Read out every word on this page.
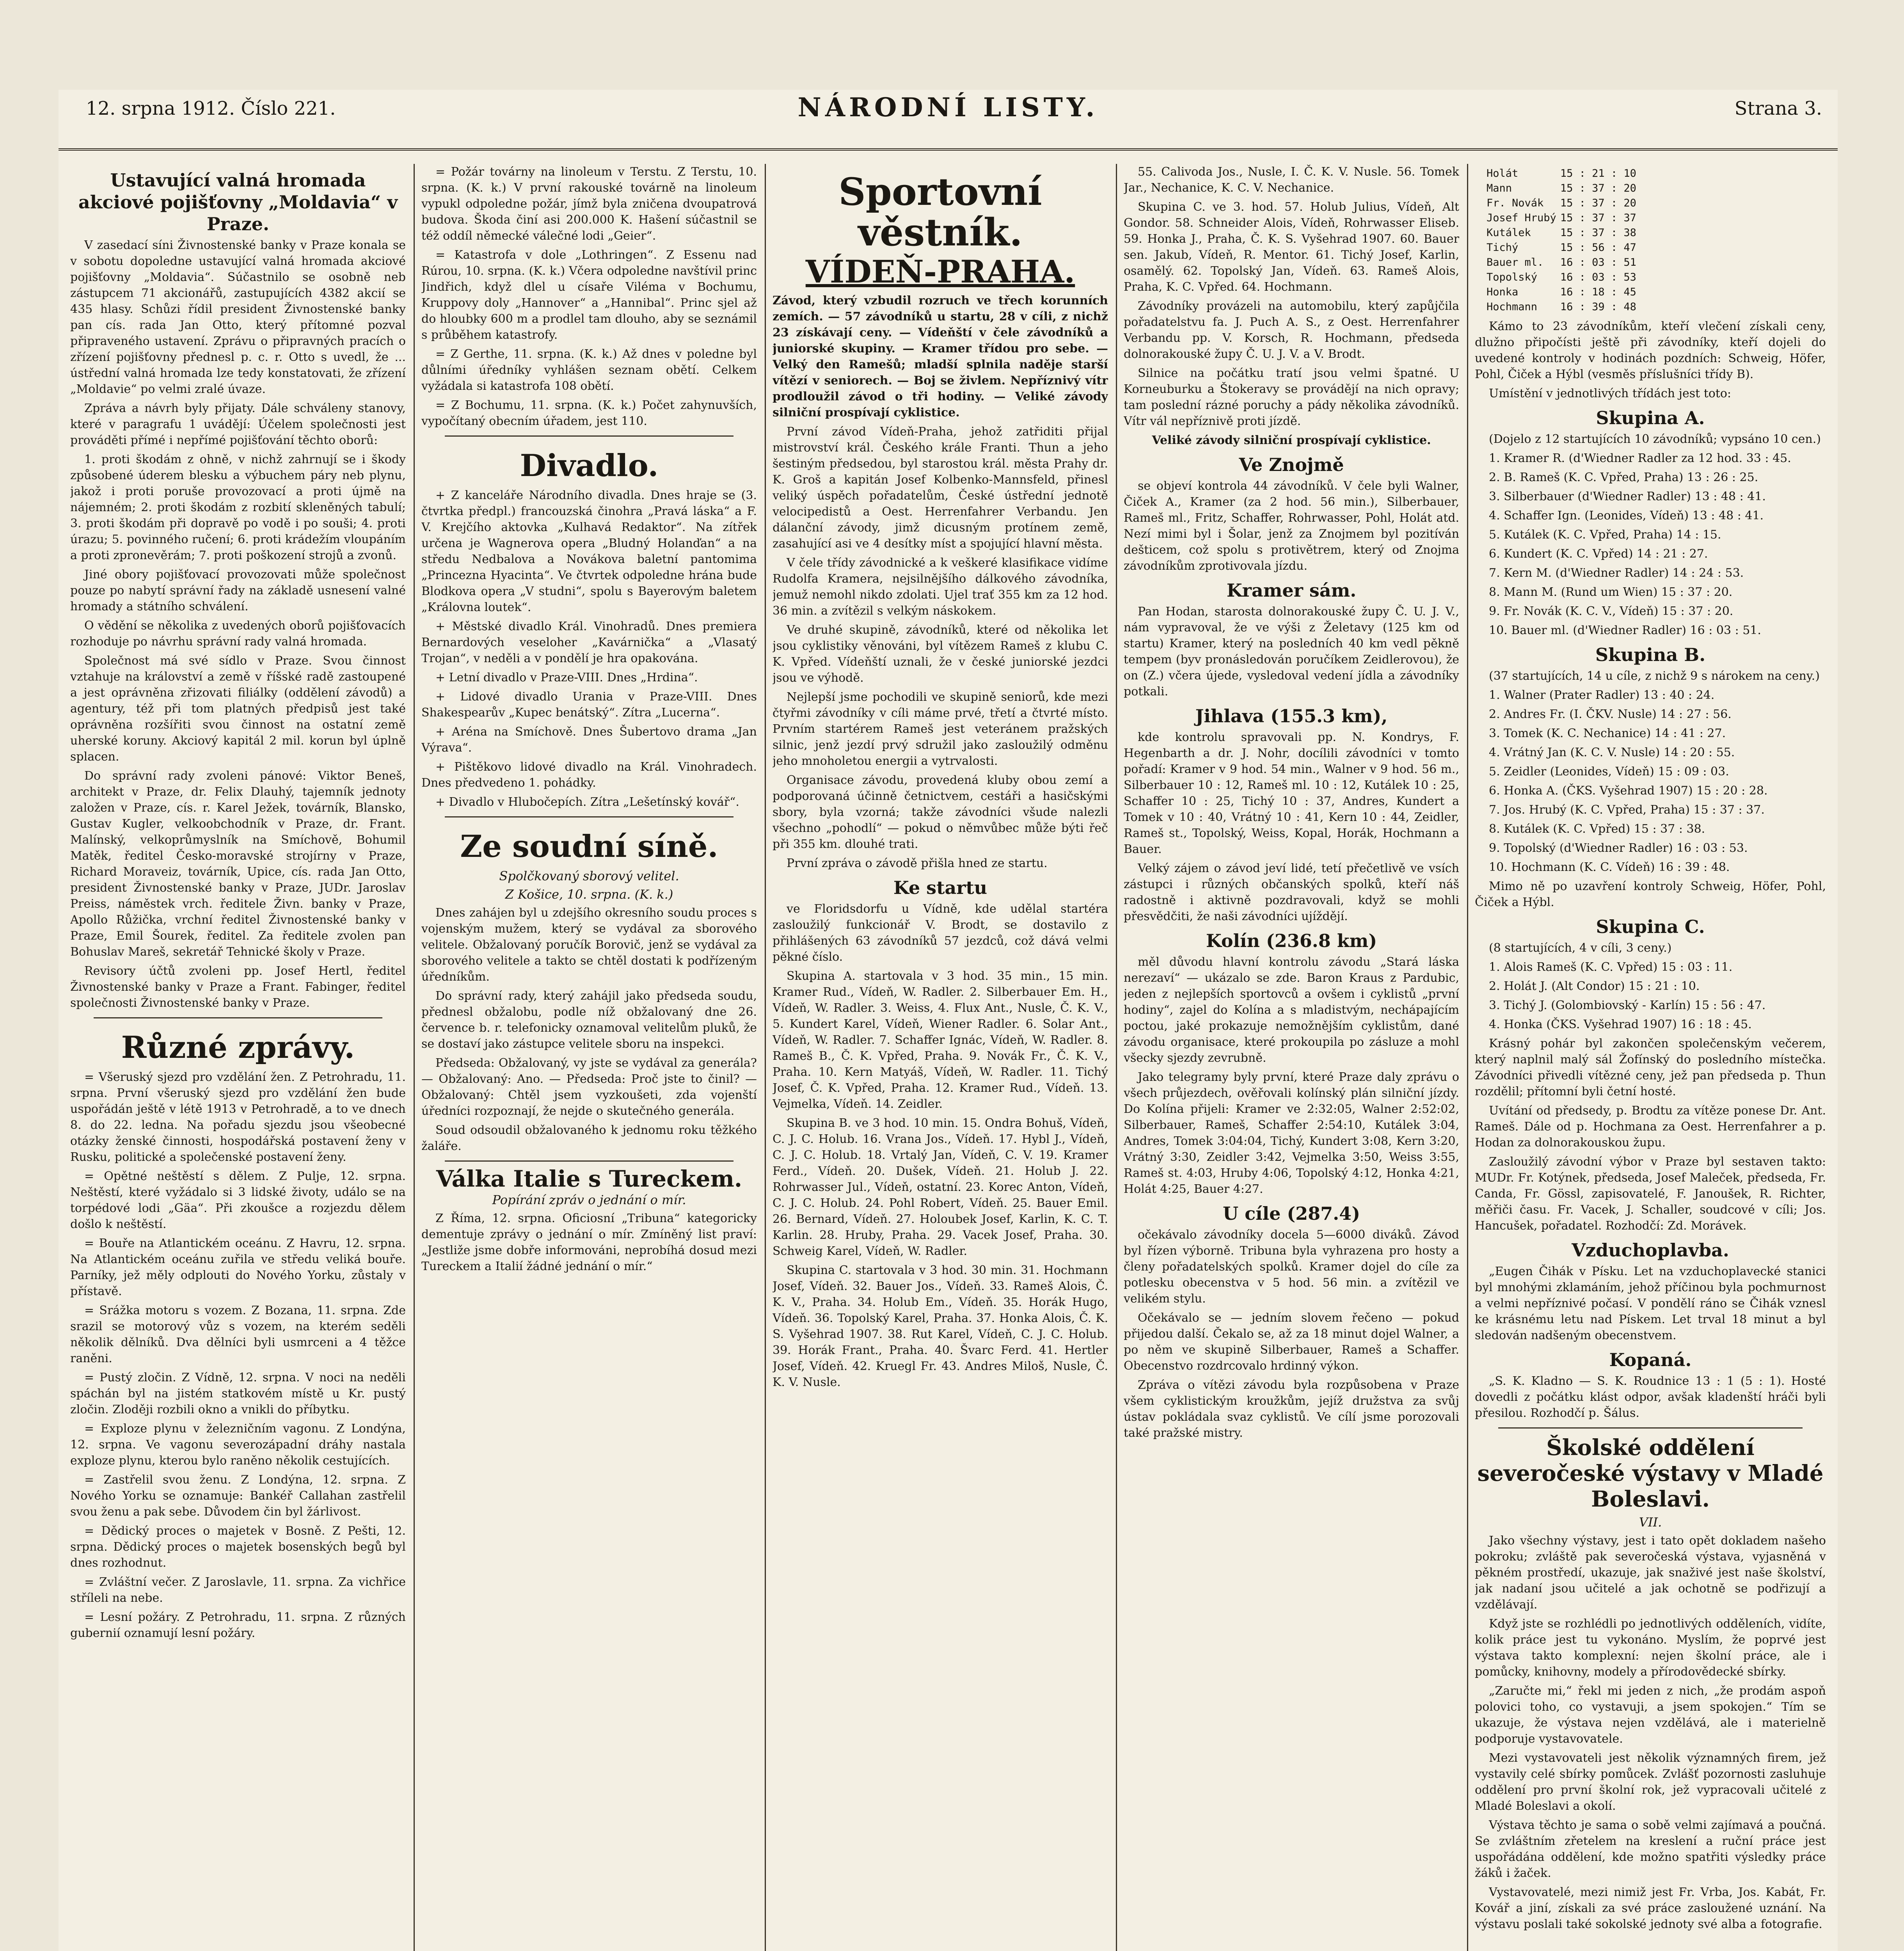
12. srpna 1912. Číslo 221.	NÁRODNÍ LISTY.	Strana 3.
Ustavující valná hromada akciové pojišťovny „Moldavia“ v Praze.

V zasedací síni Živnostenské banky v Praze konala se v sobotu dopoledne ustavující valná hromada akciové pojišťovny „Moldavia“. Súčastnilo se osobně neb zástupcem 71 akcionářů, zastupujících 4382 akcií se 435 hlasy. Schůzi řídil president Živnostenské banky pan cís. rada Jan Otto, který přítomné pozval připraveného ustavení. Zprávu o připravných pracích o zřízení pojišťovny přednesl p. c. r. Otto s uvedl, že ... ústřední valná hromada lze tedy konstatovati, že zřízení „Moldavie“ po velmi zralé úvaze.

Zpráva a návrh byly přijaty. Dále schváleny stanovy, které v paragrafu 1 uvádějí: Účelem společnosti jest prováděti přímé i nepřímé pojišťování těchto oborů:

1. proti škodám z ohně, v nichž zahrnují se i škody způsobené úderem blesku a výbuchem páry neb plynu, jakož i proti poruše provozovací a proti újmě na nájemném; 2. proti škodám z rozbití skleněných tabulí; 3. proti škodám při dopravě po vodě i po souši; 4. proti úrazu; 5. povinného ručení; 6. proti krádežím vloupáním a proti zpronevěrám; 7. proti poškození strojů a zvonů.

Jiné obory pojišťovací provozovati může společnost pouze po nabytí správní řady na základě usnesení valné hromady a státního schválení.

O vědění se několika z uvedených oborů pojišťovacích rozhoduje po návrhu správní rady valná hromada.

Společnost má své sídlo v Praze. Svou činnost vztahuje na království a země v říšské radě zastoupené a jest oprávněna zřizovati filiálky (oddělení závodů) a agentury, též při tom platných předpisů jest také oprávněna rozšířiti svou činnost na ostatní země uherské koruny. Akciový kapitál 2 mil. korun byl úplně splacen.

Do správní rady zvoleni pánové: Viktor Beneš, architekt v Praze, dr. Felix Dlauhý, tajemník jednoty založen v Praze, cís. r. Karel Ježek, továrník, Blansko, Gustav Kugler, velkoobchodník v Praze, dr. Frant. Malínský, velkoprůmyslník na Smíchově, Bohumil Matěk, ředitel Česko-moravské strojírny v Praze, Richard Moraveiz, továrník, Upice, cís. rada Jan Otto, president Živnostenské banky v Praze, JUDr. Jaroslav Preiss, náměstek vrch. ředitele Živn. banky v Praze, Apollo Růžička, vrchní ředitel Živnostenské banky v Praze, Emil Šourek, ředitel. Za ředitele zvolen pan Bohuslav Mareš, sekretář Tehnické školy v Praze.

Revisory účtů zvoleni pp. Josef Hertl, ředitel Živnostenské banky v Praze a Frant. Fabinger, ředitel společnosti Živnostenské banky v Praze.

Různé zprávy.

= Všeruský sjezd pro vzdělání žen. Z Petrohradu, 11. srpna. První všeruský sjezd pro vzdělání žen bude uspořádán ještě v létě 1913 v Petrohradě, a to ve dnech 8. do 22. ledna. Na pořadu sjezdu jsou všeobecné otázky ženské činnosti, hospodářská postavení ženy v Rusku, politické a společenské postavení ženy.

= Opětné neštěstí s dělem. Z Pulje, 12. srpna. Neštěstí, které vyžádalo si 3 lidské životy, událo se na torpédové lodi „Gäa“. Při zkoušce a rozjezdu dělem došlo k neštěstí.

= Bouře na Atlantickém oceánu. Z Havru, 12. srpna. Na Atlantickém oceánu zuřila ve středu veliká bouře. Parníky, jež měly odplouti do Nového Yorku, zůstaly v přístavě.

= Srážka motoru s vozem. Z Bozana, 11. srpna. Zde srazil se motorový vůz s vozem, na kterém seděli několik dělníků. Dva dělníci byli usmrceni a 4 těžce raněni.

= Pustý zločin. Z Vídně, 12. srpna. V noci na neděli spáchán byl na jistém statkovém místě u Kr. pustý zločin. Zloději rozbili okno a vnikli do příbytku.

= Exploze plynu v železničním vagonu. Z Londýna, 12. srpna. Ve vagonu severozápadní dráhy nastala exploze plynu, kterou bylo raněno několik cestujících.

= Zastřelil svou ženu. Z Londýna, 12. srpna. Z Nového Yorku se oznamuje: Bankéř Callahan zastřelil svou ženu a pak sebe. Důvodem čin byl žárlivost.

= Dědický proces o majetek v Bosně. Z Pešti, 12. srpna. Dědický proces o majetek bosenských begů byl dnes rozhodnut.

= Zvláštní večer. Z Jaroslavle, 11. srpna. Za vichřice stříleli na nebe.

= Lesní požáry. Z Petrohradu, 11. srpna. Z různých gubernií oznamují lesní požáry.

= Požár továrny na linoleum v Terstu. Z Terstu, 10. srpna. (K. k.) V první rakouské továrně na linoleum vypukl odpoledne požár, jímž byla zničena dvoupatrová budova. Škoda činí asi 200.000 K. Hašení súčastnil se též oddíl německé válečné lodi „Geier“.

= Katastrofa v dole „Lothringen“. Z Essenu nad Rúrou, 10. srpna. (K. k.) Včera odpoledne navštívil princ Jindřich, když dlel u císaře Viléma v Bochumu, Kruppovy doly „Hannover“ a „Hannibal“. Princ sjel až do hloubky 600 m a prodlel tam dlouho, aby se seznámil s průběhem katastrofy.

= Z Gerthe, 11. srpna. (K. k.) Až dnes v poledne byl důlními úředníky vyhlášen seznam obětí. Celkem vyžádala si katastrofa 108 obětí.

= Z Bochumu, 11. srpna. (K. k.) Počet zahynuvších, vypočítaný obecním úřadem, jest 110.

Divadlo.

+ Z kanceláře Národního divadla. Dnes hraje se (3. čtvrtka předpl.) francouzská činohra „Pravá láska“ a F. V. Krejčího aktovka „Kulhavá Redaktor“. Na zítřek určena je Wagnerova opera „Bludný Holanďan“ a na středu Nedbalova a Novákova baletní pantomima „Princezna Hyacinta“. Ve čtvrtek odpoledne hrána bude Blodkova opera „V studni“, spolu s Bayerovým baletem „Královna loutek“.

+ Městské divadlo Král. Vinohradů. Dnes premiera Bernardových veseloher „Kavárnička“ a „Vlasatý Trojan“, v neděli a v pondělí je hra opakována.

+ Letní divadlo v Praze-VIII. Dnes „Hrdina“.

+ Lidové divadlo Urania v Praze-VIII. Dnes Shakespearův „Kupec benátský“. Zítra „Lucerna“.

+ Aréna na Smíchově. Dnes Šubertovo drama „Jan Výrava“.

+ Pištěkovo lidové divadlo na Král. Vinohradech. Dnes předvedeno 1. pohádky.

+ Divadlo v Hlubočepích. Zítra „Lešetínský kovář“.

Ze soudní síně.
Spolčkovaný sborový velitel.
Z Košice, 10. srpna. (K. k.)

Dnes zahájen byl u zdejšího okresního soudu proces s vojenským mužem, který se vydával za sborového velitele. Obžalovaný poručík Borovič, jenž se vydával za sborového velitele a takto se chtěl dostati k podřízeným úředníkům.

Do správní rady, který zahájil jako předseda soudu, přednesl obžalobu, podle níž obžalovaný dne 26. července b. r. telefonicky oznamoval velitelům pluků, že se dostaví jako zástupce velitele sboru na inspekci.

Předseda: Obžalovaný, vy jste se vydával za generála? — Obžalovaný: Ano. — Předseda: Proč jste to činil? — Obžalovaný: Chtěl jsem vyzkoušeti, zda vojenští úředníci rozpoznají, že nejde o skutečného generála.

Soud odsoudil obžalovaného k jednomu roku těžkého žaláře.

Válka Italie s Tureckem.
Popírání zpráv o jednání o mír.

Z Říma, 12. srpna. Oficiosní „Tribuna“ kategoricky dementuje zprávy o jednání o mír. Zmíněný list praví: „Jestliže jsme dobře informováni, neprobíhá dosud mezi Tureckem a Italií žádné jednání o mír.“

Sportovní věstník.
VÍDEŇ-PRAHA.

Závod, který vzbudil rozruch ve třech korunních zemích. — 57 závodníků u startu, 28 v cíli, z nichž 23 získávají ceny. — Vídeňští v čele závodníků a juniorské skupiny. — Kramer třídou pro sebe. — Velký den Ramešů; mladší splnila naděje starší vítězí v seniorech. — Boj se živlem. Nepříznivý vítr prodloužil závod o tři hodiny. — Veliké závody silniční prospívají cyklistice.

První závod Vídeň-Praha, jehož zatřiditi přijal mistrovství král. Českého krále Franti. Thun a jeho šestiným předsedou, byl starostou král. města Prahy dr. K. Groš a kapitán Josef Kolbenko-Mannsfeld, přinesl veliký úspěch pořadatelům, České ústřední jednotě velocipedistů a Oest. Herrenfahrer Verbandu. Jen dálanční závody, jimž dicusným protínem země, zasahující asi ve 4 desítky míst a spojující hlavní města.

V čele třídy závodnické a k veškeré klasifikace vidíme Rudolfa Kramera, nejsilnějšího dálkového závodníka, jemuž nemohl nikdo zdolati. Ujel trať 355 km za 12 hod. 36 min. a zvítězil s velkým náskokem.

Ve druhé skupině, závodníků, které od několika let jsou cyklistiky věnováni, byl vítězem Rameš z klubu C. K. Vpřed. Vídeňští uznali, že v české juniorské jezdci jsou ve výhodě.

Nejlepší jsme pochodili ve skupině seniorů, kde mezi čtyřmi závodníky v cíli máme prvé, třetí a čtvrté místo. Prvním startérem Rameš jest veteránem pražských silnic, jenž jezdí prvý sdružil jako zasloužilý odměnu jeho mnoholetou energii a vytrvalosti.

Organisace závodu, provedená kluby obou zemí a podporovaná účinně četnictvem, cestáři a hasičskými sbory, byla vzorná; takže závodníci všude nalezli všechno „pohodlí“ — pokud o němvůbec může býti řeč při 355 km. dlouhé trati.

První zpráva o závodě přišla hned ze startu.

Ke startu

ve Floridsdorfu u Vídně, kde udělal startéra zasloužilý funkcionář V. Brodt, se dostavilo z přihlášených 63 závodníků 57 jezdců, což dává velmi pěkné číslo.

Skupina A. startovala v 3 hod. 35 min., 15 min. Kramer Rud., Vídeň, W. Radler. 2. Silberbauer Em. H., Vídeň, W. Radler. 3. Weiss, 4. Flux Ant., Nusle, Č. K. V., 5. Kundert Karel, Vídeň, Wiener Radler. 6. Solar Ant., Vídeň, W. Radler. 7. Schaffer Ignác, Vídeň, W. Radler. 8. Rameš B., Č. K. Vpřed, Praha. 9. Novák Fr., Č. K. V., Praha. 10. Kern Matyáš, Vídeň, W. Radler. 11. Tichý Josef, Č. K. Vpřed, Praha. 12. Kramer Rud., Vídeň. 13. Vejmelka, Vídeň. 14. Zeidler.

Skupina B. ve 3 hod. 10 min. 15. Ondra Bohuš, Vídeň, C. J. C. Holub. 16. Vrana Jos., Vídeň. 17. Hybl J., Vídeň, C. J. C. Holub. 18. Vrtalý Jan, Vídeň, C. V. 19. Kramer Ferd., Vídeň. 20. Dušek, Vídeň. 21. Holub J. 22. Rohrwasser Jul., Vídeň, ostatní. 23. Korec Anton, Vídeň, C. J. C. Holub. 24. Pohl Robert, Vídeň. 25. Bauer Emil. 26. Bernard, Vídeň. 27. Holoubek Josef, Karlin, K. C. T. Karlin. 28. Hruby, Praha. 29. Vacek Josef, Praha. 30. Schweig Karel, Vídeň, W. Radler.

Skupina C. startovala v 3 hod. 30 min. 31. Hochmann Josef, Vídeň. 32. Bauer Jos., Vídeň. 33. Rameš Alois, Č. K. V., Praha. 34. Holub Em., Vídeň. 35. Horák Hugo, Vídeň. 36. Topolský Karel, Praha. 37. Honka Alois, Č. K. S. Vyšehrad 1907. 38. Rut Karel, Vídeň, C. J. C. Holub. 39. Horák Frant., Praha. 40. Švarc Ferd. 41. Hertler Josef, Vídeň. 42. Kruegl Fr. 43. Andres Miloš, Nusle, Č. K. V. Nusle.

55. Calivoda Jos., Nusle, I. Č. K. V. Nusle. 56. Tomek Jar., Nechanice, K. C. V. Nechanice.

Skupina C. ve 3. hod. 57. Holub Julius, Vídeň, Alt Gondor. 58. Schneider Alois, Vídeň, Rohrwasser Eliseb. 59. Honka J., Praha, Č. K. S. Vyšehrad 1907. 60. Bauer sen. Jakub, Vídeň, R. Mentor. 61. Tichý Josef, Karlin, osamělý. 62. Topolský Jan, Vídeň. 63. Rameš Alois, Praha, K. C. Vpřed. 64. Hochmann.

Závodníky provázeli na automobilu, který zapůjčila pořadatelstvu fa. J. Puch A. S., z Oest. Herrenfahrer Verbandu pp. V. Korsch, R. Hochmann, předseda dolnorakouské župy Č. U. J. V. a V. Brodt.

Silnice na počátku tratí jsou velmi špatné. U Korneuburku a Štokeravy se provádějí na nich opravy; tam poslední rázné poruchy a pády několika závodníků. Vítr vál nepříznivě proti jízdě.

Veliké závody silniční prospívají cyklistice.

Ve Znojmě

se objeví kontrola 44 závodníků. V čele byli Walner, Čiček A., Kramer (za 2 hod. 56 min.), Silberbauer, Rameš ml., Fritz, Schaffer, Rohrwasser, Pohl, Holát atd. Nezí mimi byl i Šolar, jenž za Znojmem byl pozitíván dešticem, což spolu s protivětrem, který od Znojma závodníkům zprotivovala jízdu.

Kramer sám.

Pan Hodan, starosta dolnorakouské župy Č. U. J. V., nám vypravoval, že ve výši z Želetavy (125 km od startu) Kramer, který na posledních 40 km vedl pěkně tempem (byv pronásledován poručíkem Zeidlerovou), že on (Z.) včera újede, vysledoval vedení jídla a závodníky potkali.

Jihlava (155.3 km),

kde kontrolu spravovali pp. N. Kondrys, F. Hegenbarth a dr. J. Nohr, docílili závodníci v tomto pořadí: Kramer v 9 hod. 54 min., Walner v 9 hod. 56 m., Silberbauer 10 : 12, Rameš ml. 10 : 12, Kutálek 10 : 25, Schaffer 10 : 25, Tichý 10 : 37, Andres, Kundert a Tomek v 10 : 40, Vrátný 10 : 41, Kern 10 : 44, Zeidler, Rameš st., Topolský, Weiss, Kopal, Horák, Hochmann a Bauer.

Velký zájem o závod jeví lidé, tetí přečetlivě ve vsích zástupci i různých občanských spolků, kteří náš radostně i aktivně pozdravovali, když se mohli přesvědčiti, že naši závodníci ujíždějí.

Kolín (236.8 km)

měl důvodu hlavní kontrolu závodu „Stará láska nerezaví“ — ukázalo se zde. Baron Kraus z Pardubic, jeden z nejlepších sportovců a ovšem i cyklistů „první hodiny“, zajel do Kolína a s mladistvým, nechápajícím poctou, jaké prokazuje nemožnějším cyklistům, dané závodu organisace, které prokoupila po zásluze a mohl všecky sjezdy zevrubně.

Jako telegramy byly první, které Praze daly zprávu o všech průjezdech, ověřovali kolínský plán silniční jízdy. Do Kolína přijeli: Kramer ve 2:32:05, Walner 2:52:02, Silberbauer, Rameš, Schaffer 2:54:10, Kutálek 3:04, Andres, Tomek 3:04:04, Tichý, Kundert 3:08, Kern 3:20, Vrátný 3:30, Zeidler 3:42, Vejmelka 3:50, Weiss 3:55, Rameš st. 4:03, Hruby 4:06, Topolský 4:12, Honka 4:21, Holát 4:25, Bauer 4:27.

U cíle (287.4)

očekávalo závodníky docela 5—6000 diváků. Závod byl řízen výborně. Tribuna byla vyhrazena pro hosty a členy pořadatelských spolků. Kramer dojel do cíle za potlesku obecenstva v 5 hod. 56 min. a zvítězil ve velikém stylu.

Očekávalo se — jedním slovem řečeno — pokud přijedou další. Čekalo se, až za 18 minut dojel Walner, a po něm ve skupině Silberbauer, Rameš a Schaffer. Obecenstvo rozdrcovalo hrdinný výkon.

Zpráva o vítězi závodu byla rozpůsobena v Praze všem cyklistickým kroužkům, jejíž družstva za svůj ústav pokládala svaz cyklistů. Ve cílí jsme porozovali také pražské mistry.

Holát	15 : 21 : 10
Mann	15 : 37 : 20
Fr. Novák	15 : 37 : 20
Josef Hrubý	15 : 37 : 37
Kutálek	15 : 37 : 38
Tichý	15 : 56 : 47
Bauer ml.	16 : 03 : 51
Topolský	16 : 03 : 53
Honka	16 : 18 : 45
Hochmann	16 : 39 : 48

Kámo to 23 závodníkům, kteří vlečení získali ceny, dlužno připočísti ještě při závodníky, kteří dojeli do uvedené kontroly v hodinách pozdních: Schweig, Höfer, Pohl, Čiček a Hýbl (vesměs příslušníci třídy B).

Umístění v jednotlivých třídách jest toto:

Skupina A.

(Dojelo z 12 startujících 10 závodníků; vypsáno 10 cen.)

1. Kramer R. (d'Wiedner Radler za 12 hod. 33 : 45.

2. B. Rameš (K. C. Vpřed, Praha) 13 : 26 : 25.

3. Silberbauer (d'Wiedner Radler) 13 : 48 : 41.

4. Schaffer Ign. (Leonides, Vídeň) 13 : 48 : 41.

5. Kutálek (K. C. Vpřed, Praha) 14 : 15.

6. Kundert (K. C. Vpřed) 14 : 21 : 27.

7. Kern M. (d'Wiedner Radler) 14 : 24 : 53.

8. Mann M. (Rund um Wien) 15 : 37 : 20.

9. Fr. Novák (K. C. V., Vídeň) 15 : 37 : 20.

10. Bauer ml. (d'Wiedner Radler) 16 : 03 : 51.

Skupina B.

(37 startujících, 14 u cíle, z nichž 9 s nárokem na ceny.)

1. Walner (Prater Radler) 13 : 40 : 24.

2. Andres Fr. (I. ČKV. Nusle) 14 : 27 : 56.

3. Tomek (K. C. Nechanice) 14 : 41 : 27.

4. Vrátný Jan (K. C. V. Nusle) 14 : 20 : 55.

5. Zeidler (Leonides, Vídeň) 15 : 09 : 03.

6. Honka A. (ČKS. Vyšehrad 1907) 15 : 20 : 28.

7. Jos. Hrubý (K. C. Vpřed, Praha) 15 : 37 : 37.

8. Kutálek (K. C. Vpřed) 15 : 37 : 38.

9. Topolský (d'Wiedner Radler) 16 : 03 : 53.

10. Hochmann (K. C. Vídeň) 16 : 39 : 48.

Mimo ně po uzavření kontroly Schweig, Höfer, Pohl, Čiček a Hýbl.

Skupina C.

(8 startujících, 4 v cíli, 3 ceny.)

1. Alois Rameš (K. C. Vpřed) 15 : 03 : 11.

2. Holát J. (Alt Condor) 15 : 21 : 10.

3. Tichý J. (Golombiovský - Karlín) 15 : 56 : 47.

4. Honka (ČKS. Vyšehrad 1907) 16 : 18 : 45.

Krásný pohár byl zakončen společenským večerem, který naplnil malý sál Žofínský do posledního místečka. Závodníci přivedli vítězné ceny, jež pan předseda p. Thun rozdělil; přítomní byli četní hosté.

Uvítání od předsedy, p. Brodtu za vítěze ponese Dr. Ant. Rameš. Dále od p. Hochmana za Oest. Herrenfahrer a p. Hodan za dolnorakouskou župu.

Zasloužilý závodní výbor v Praze byl sestaven takto: MUDr. Fr. Kotýnek, předseda, Josef Maleček, předseda, Fr. Canda, Fr. Gössl, zapisovatelé, F. Janoušek, R. Richter, měřiči času. Fr. Vacek, J. Schaller, soudcové v cíli; Jos. Hancušek, pořadatel. Rozhodčí: Zd. Morávek.

Vzduchoplavba.

„Eugen Čihák v Písku. Let na vzduchoplavecké stanici byl mnohými zklamáním, jehož příčinou byla pochmurnost a velmi nepříznivé počasí. V pondělí ráno se Čihák vznesl ke krásnému letu nad Pískem. Let trval 18 minut a byl sledován nadšeným obecenstvem.

Kopaná.

„S. K. Kladno — S. K. Roudnice 13 : 1 (5 : 1). Hosté dovedli z počátku klást odpor, avšak kladenští hráči byli přesilou. Rozhodčí p. Šálus.

Školské oddělení severočeské výstavy v Mladé Boleslavi.
VII.

Jako všechny výstavy, jest i tato opět dokladem našeho pokroku; zvláště pak severočeská výstava, vyjasněná v pěkném prostředí, ukazuje, jak snaživé jest naše školství, jak nadaní jsou učitelé a jak ochotně se podřizují a vzdělávají.

Když jste se rozhlédli po jednotlivých odděleních, vidíte, kolik práce jest tu vykonáno. Myslím, že poprvé jest výstava takto komplexní: nejen školní práce, ale i pomůcky, knihovny, modely a přírodovědecké sbírky.

„Zaručte mi,“ řekl mi jeden z nich, „že prodám aspoň polovici toho, co vystavuji, a jsem spokojen.“ Tím se ukazuje, že výstava nejen vzdělává, ale i materielně podporuje vystavovatele.

Mezi vystavovateli jest několik významných firem, jež vystavily celé sbírky pomůcek. Zvlášť pozornosti zasluhuje oddělení pro první školní rok, jež vypracovali učitelé z Mladé Boleslavi a okolí.

Výstava těchto je sama o sobě velmi zajímavá a poučná. Se zvláštním zřetelem na kreslení a ruční práce jest uspořádána oddělení, kde možno spatřiti výsledky práce žáků i žaček.

Vystavovatelé, mezi nimiž jest Fr. Vrba, Jos. Kabát, Fr. Kovář a jiní, získali za své práce zasloužené uznání. Na výstavu poslali také sokolské jednoty své alba a fotografie.
